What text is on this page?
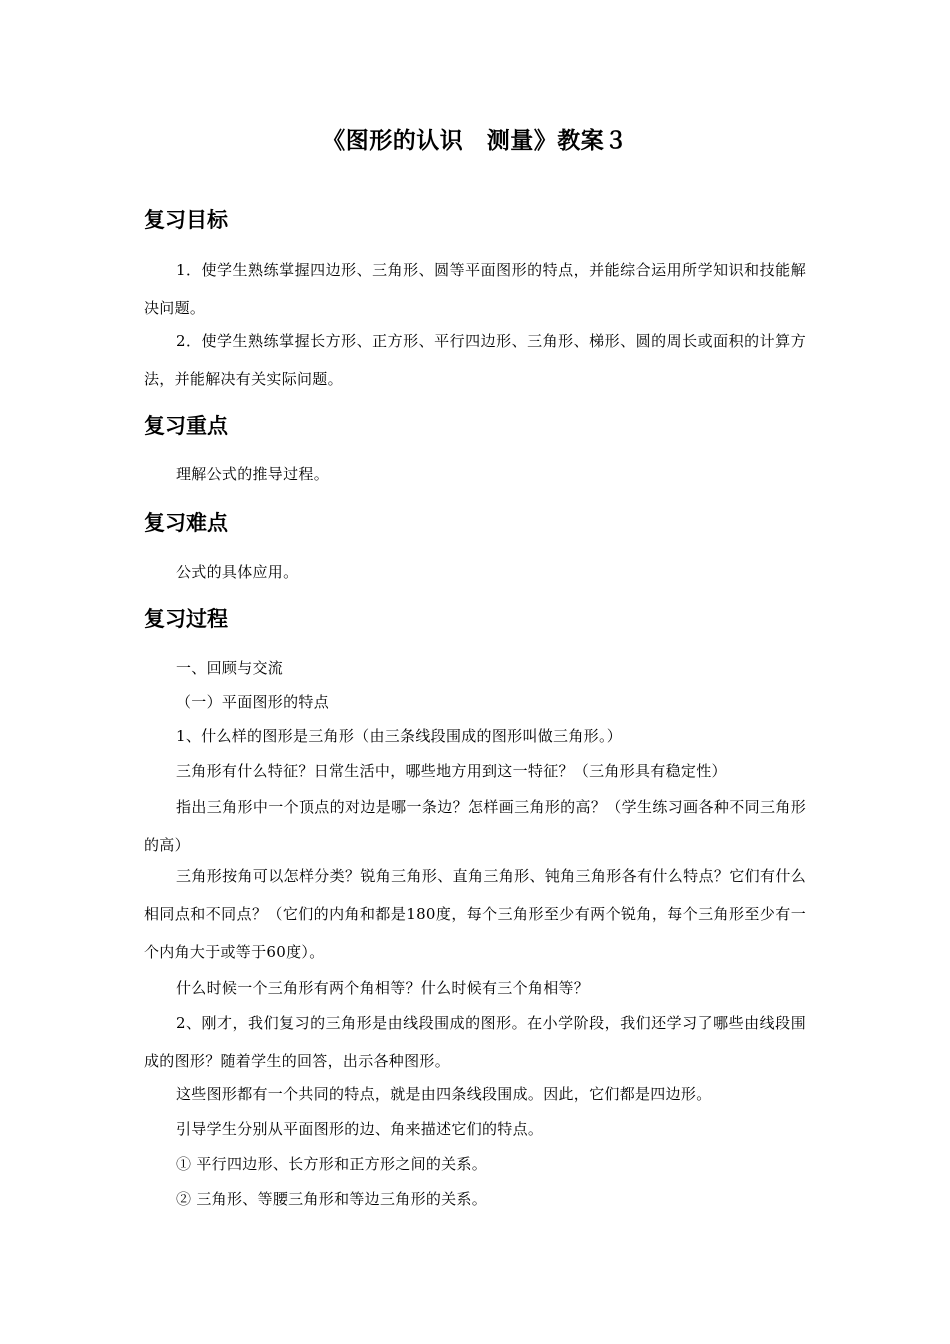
《图形的认识　测量》教案３
复习目标
1．使学生熟练掌握四边形、三角形、圆等平面图形的特点，并能综合运用所学知识和技能解决问题。
2．使学生熟练掌握长方形、正方形、平行四边形、三角形、梯形、圆的周长或面积的计算方法，并能解决有关实际问题。
复习重点
理解公式的推导过程。
复习难点
公式的具体应用。
复习过程
一、回顾与交流
（一）平面图形的特点
1、什么样的图形是三角形（由三条线段围成的图形叫做三角形。）
三角形有什么特征？日常生活中，哪些地方用到这一特征？（三角形具有稳定性）
指出三角形中一个顶点的对边是哪一条边？怎样画三角形的高？（学生练习画各种不同三角形的高）
三角形按角可以怎样分类？锐角三角形、直角三角形、钝角三角形各有什么特点？它们有什么相同点和不同点？（它们的内角和都是180度，每个三角形至少有两个锐角，每个三角形至少有一个内角大于或等于60度）。
什么时候一个三角形有两个角相等？什么时候有三个角相等？
2、刚才，我们复习的三角形是由线段围成的图形。在小学阶段，我们还学习了哪些由线段围成的图形？随着学生的回答，出示各种图形。
这些图形都有一个共同的特点，就是由四条线段围成。因此，它们都是四边形。
引导学生分别从平面图形的边、角来描述它们的特点。
① 平行四边形、长方形和正方形之间的关系。
② 三角形、等腰三角形和等边三角形的关系。
